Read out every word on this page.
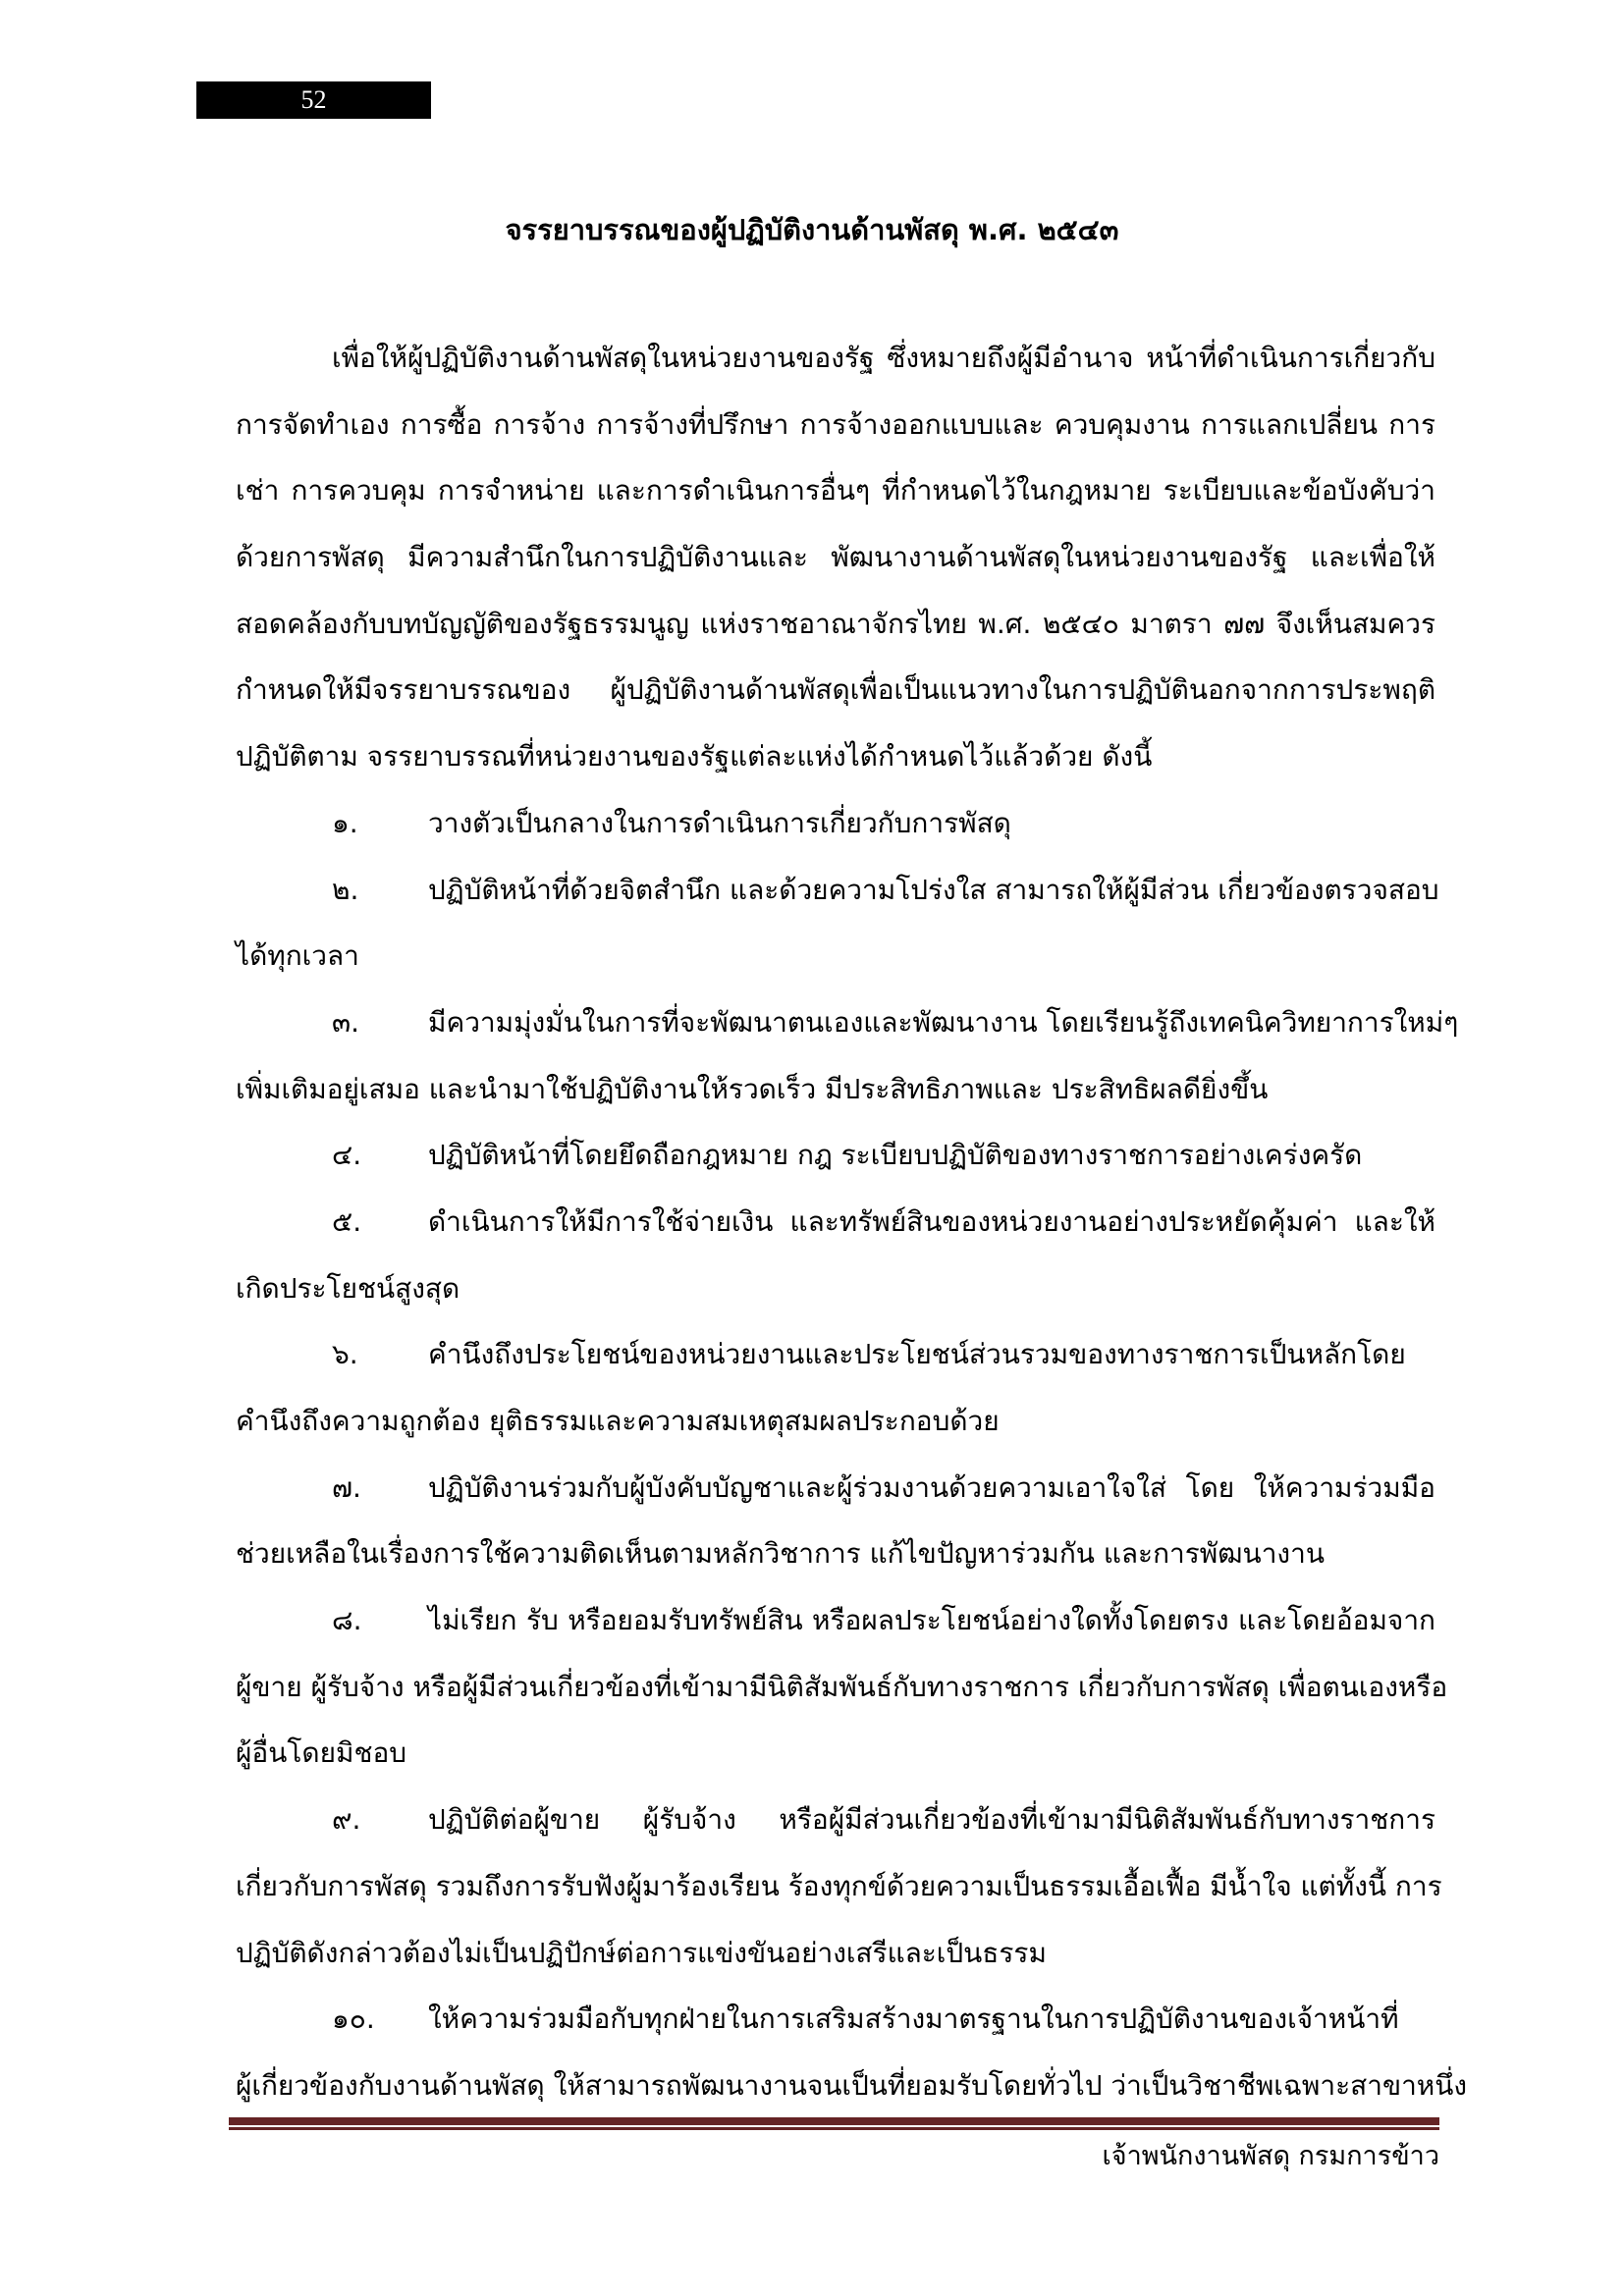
52
จรรยาบรรณของผู้ปฏิบัติงานด้านพัสดุ พ.ศ. ๒๕๔๓
เพื่อให้ผู้ปฏิบัติงานด้านพัสดุในหน่วยงานของรัฐ ซึ่งหมายถึงผู้มีอำนาจ หน้าที่ดำเนินการเกี่ยวกับ
การจัดทำเอง การซื้อ การจ้าง การจ้างที่ปรึกษา การจ้างออกแบบและ ควบคุมงาน การแลกเปลี่ยน การ
เช่า การควบคุม การจำหน่าย และการดำเนินการอื่นๆ ที่กำหนดไว้ในกฎหมาย ระเบียบและข้อบังคับว่า
ด้วยการพัสดุ มีความสำนึกในการปฏิบัติงานและ พัฒนางานด้านพัสดุในหน่วยงานของรัฐ และเพื่อให้
สอดคล้องกับบทบัญญัติของรัฐธรรมนูญ แห่งราชอาณาจักรไทย พ.ศ. ๒๕๔๐ มาตรา ๗๗ จึงเห็นสมควร
กำหนดให้มีจรรยาบรรณของ ผู้ปฏิบัติงานด้านพัสดุเพื่อเป็นแนวทางในการปฏิบัตินอกจากการประพฤติ
ปฏิบัติตาม จรรยาบรรณที่หน่วยงานของรัฐแต่ละแห่งได้กำหนดไว้แล้วด้วย ดังนี้
๑.	วางตัวเป็นกลางในการดำเนินการเกี่ยวกับการพัสดุ
๒.	ปฏิบัติหน้าที่ด้วยจิตสำนึก และด้วยความโปร่งใส สามารถให้ผู้มีส่วน เกี่ยวข้องตรวจสอบ
ได้ทุกเวลา
๓.	มีความมุ่งมั่นในการที่จะพัฒนาตนเองและพัฒนางาน โดยเรียนรู้ถึงเทคนิควิทยาการใหม่ๆ
เพิ่มเติมอยู่เสมอ และนำมาใช้ปฏิบัติงานให้รวดเร็ว มีประสิทธิภาพและ ประสิทธิผลดียิ่งขึ้น
๔.	ปฏิบัติหน้าที่โดยยึดถือกฎหมาย กฎ ระเบียบปฏิบัติของทางราชการอย่างเคร่งครัด
๕.	ดำเนินการให้มีการใช้จ่ายเงิน และทรัพย์สินของหน่วยงานอย่างประหยัดคุ้มค่า และให้
เกิดประโยชน์สูงสุด
๖.	คำนึงถึงประโยชน์ของหน่วยงานและประโยชน์ส่วนรวมของทางราชการเป็นหลักโดย
คำนึงถึงความถูกต้อง ยุติธรรมและความสมเหตุสมผลประกอบด้วย
๗.	ปฏิบัติงานร่วมกับผู้บังคับบัญชาและผู้ร่วมงานด้วยความเอาใจใส่ โดย ให้ความร่วมมือ
ช่วยเหลือในเรื่องการใช้ความติดเห็นตามหลักวิชาการ แก้ไขปัญหาร่วมกัน และการพัฒนางาน
๘.	ไม่เรียก รับ หรือยอมรับทรัพย์สิน หรือผลประโยชน์อย่างใดทั้งโดยตรง และโดยอ้อมจาก
ผู้ขาย ผู้รับจ้าง หรือผู้มีส่วนเกี่ยวข้องที่เข้ามามีนิติสัมพันธ์กับทางราชการ เกี่ยวกับการพัสดุ เพื่อตนเองหรือ
ผู้อื่นโดยมิชอบ
๙.	ปฏิบัติต่อผู้ขาย ผู้รับจ้าง หรือผู้มีส่วนเกี่ยวข้องที่เข้ามามีนิติสัมพันธ์กับทางราชการ
เกี่ยวกับการพัสดุ รวมถึงการรับฟังผู้มาร้องเรียน ร้องทุกข์ด้วยความเป็นธรรมเอื้อเฟื้อ มีน้ำใจ แต่ทั้งนี้ การ
ปฏิบัติดังกล่าวต้องไม่เป็นปฏิปักษ์ต่อการแข่งขันอย่างเสรีและเป็นธรรม
๑๐.	ให้ความร่วมมือกับทุกฝ่ายในการเสริมสร้างมาตรฐานในการปฏิบัติงานของเจ้าหน้าที่
ผู้เกี่ยวข้องกับงานด้านพัสดุ ให้สามารถพัฒนางานจนเป็นที่ยอมรับโดยทั่วไป ว่าเป็นวิชาชีพเฉพาะสาขาหนึ่ง
เจ้าพนักงานพัสดุ กรมการข้าว
